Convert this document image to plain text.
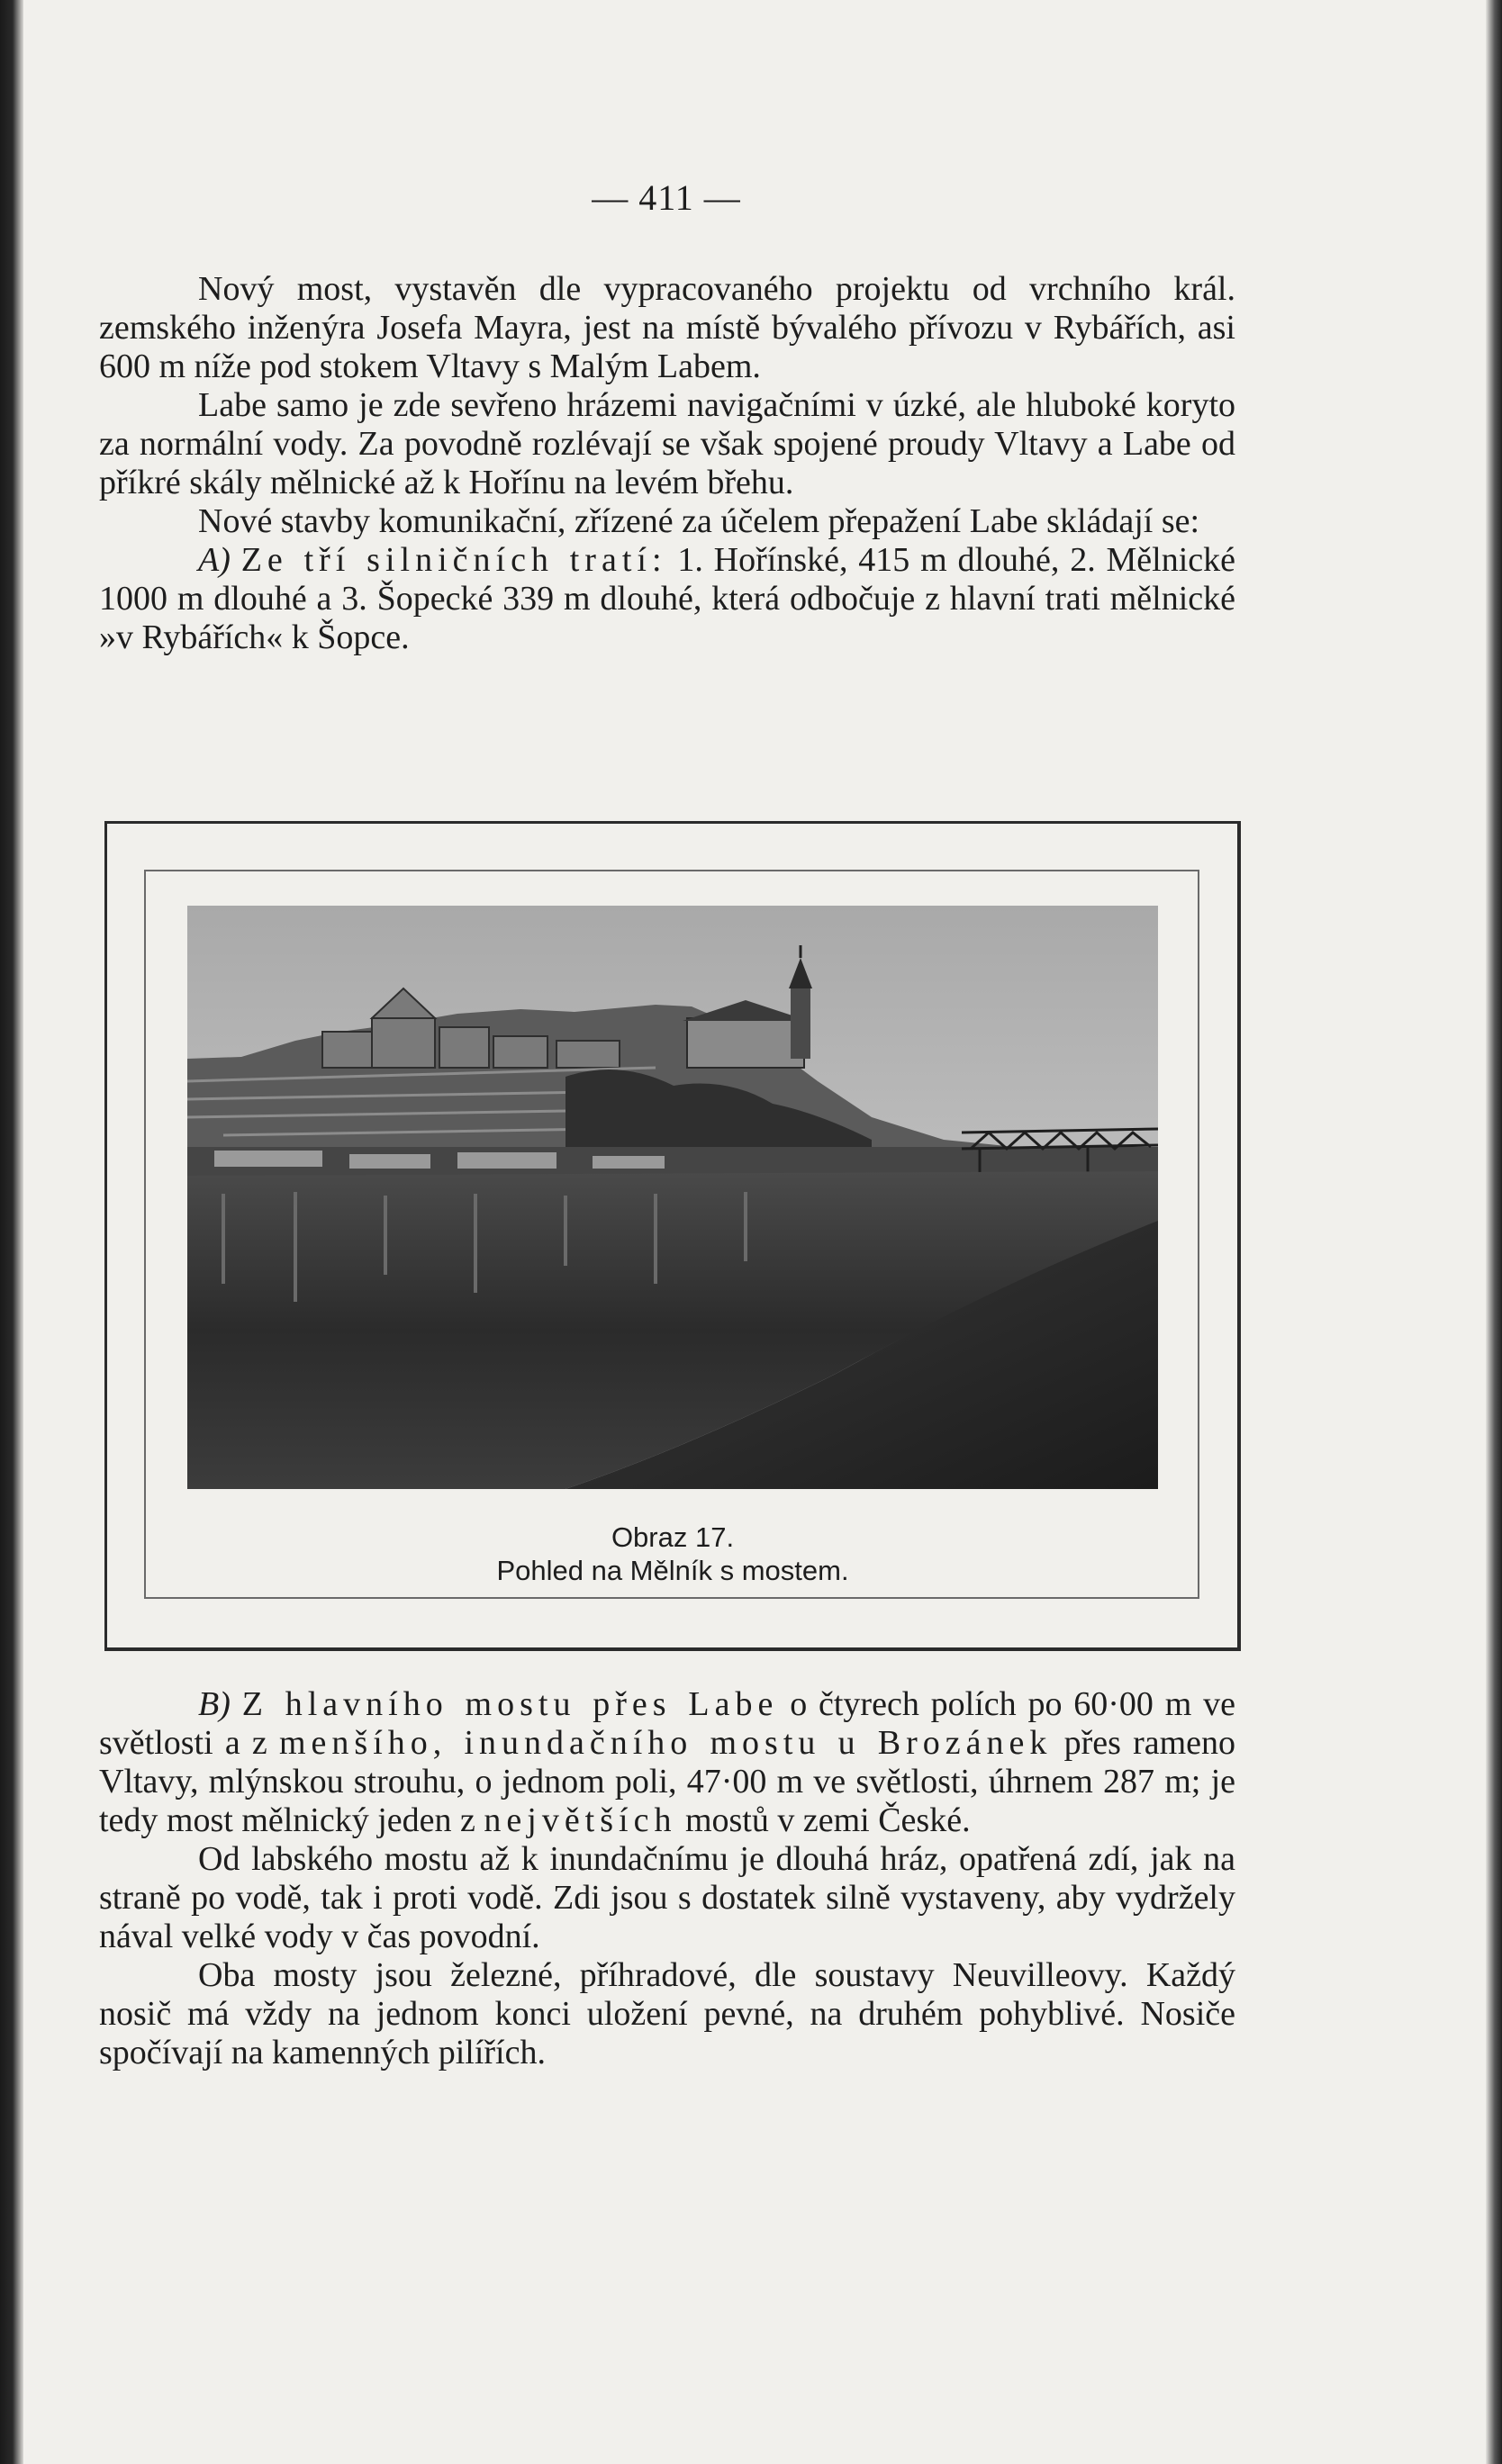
— 411 —

Nový most, vystavěn dle vypracovaného projektu od vrchního král. zemského inženýra Josefa Mayra, jest na místě bývalého přívozu v Rybářích, asi 600 m níže pod stokem Vltavy s Malým Labem.

Labe samo je zde sevřeno hrázemi navigačními v úzké, ale hluboké koryto za normální vody. Za povodně rozlévají se však spojené proudy Vltavy a Labe od příkré skály mělnické až k Hořínu na levém břehu.

Nové stavby komunikační, zřízené za účelem přepažení Labe skládají se:

A) Ze tří silničních tratí: 1. Hořínské, 415 m dlouhé, 2. Mělnické 1000 m dlouhé a 3. Šopecké 339 m dlouhé, která odbočuje z hlavní trati mělnické »v Rybářích« k Šopce.

Obraz 17.
Pohled na Mělník s mostem.

B) Z hlavního mostu přes Labe o čtyrech polích po 60·00 m ve světlosti a z menšího, inundačního mostu u Brozánek přes rameno Vltavy, mlýnskou strouhu, o jednom poli, 47·00 m ve světlosti, úhrnem 287 m; je tedy most mělnický jeden z největších mostů v zemi České.

Od labského mostu až k inundačnímu je dlouhá hráz, opatřená zdí, jak na straně po vodě, tak i proti vodě. Zdi jsou s dostatek silně vystaveny, aby vydržely nával velké vody v čas povodní.

Oba mosty jsou železné, příhradové, dle soustavy Neuvilleovy. Každý nosič má vždy na jednom konci uložení pevné, na druhém pohyblivé. Nosiče spočívají na kamenných pilířích.
